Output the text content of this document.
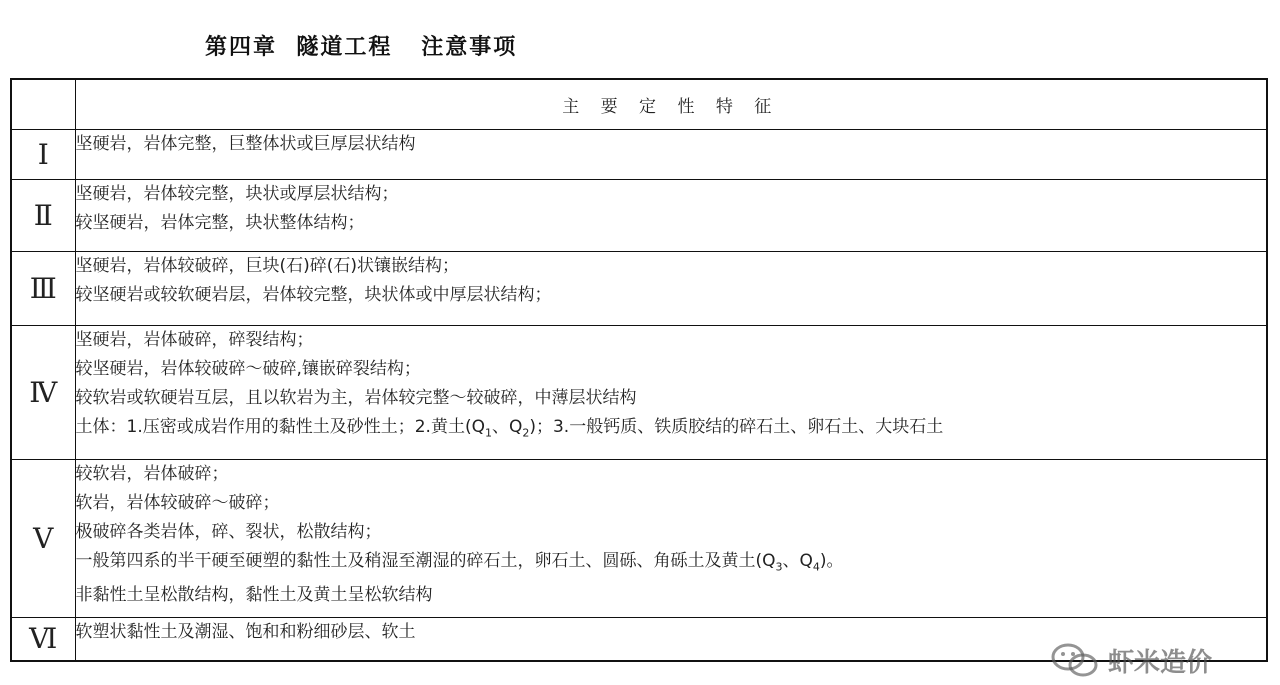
第四章  隧道工程   注意事项
	主 要 定 性 特 征
Ⅰ	坚硬岩，岩体完整，巨整体状或巨厚层状结构

Ⅱ	坚硬岩，岩体较完整，块状或厚层状结构；
较坚硬岩，岩体完整，块状整体结构；

Ⅲ	坚硬岩，岩体较破碎，巨块(石)碎(石)状镶嵌结构；
较坚硬岩或较软硬岩层，岩体较完整，块状体或中厚层状结构；

Ⅳ	坚硬岩，岩体破碎，碎裂结构；
较坚硬岩，岩体较破碎～破碎,镶嵌碎裂结构；
较软岩或软硬岩互层，且以软岩为主，岩体较完整～较破碎，中薄层状结构
土体：1.压密或成岩作用的黏性土及砂性土；2.黄土($Q_1$、$Q_2$)；3.一般钙质、铁质胶结的碎石土、卵石土、大块石土

Ⅴ	较软岩，岩体破碎；
软岩，岩体较破碎～破碎；
极破碎各类岩体，碎、裂状，松散结构；
一般第四系的半干硬至硬塑的黏性土及稍湿至潮湿的碎石土，卵石土、圆砾、角砾土及黄土($Q_3$、$Q_4$)。
非黏性土呈松散结构，黏性土及黄土呈松软结构

Ⅵ	软塑状黏性土及潮湿、饱和和粉细砂层、软土
虾米造价
